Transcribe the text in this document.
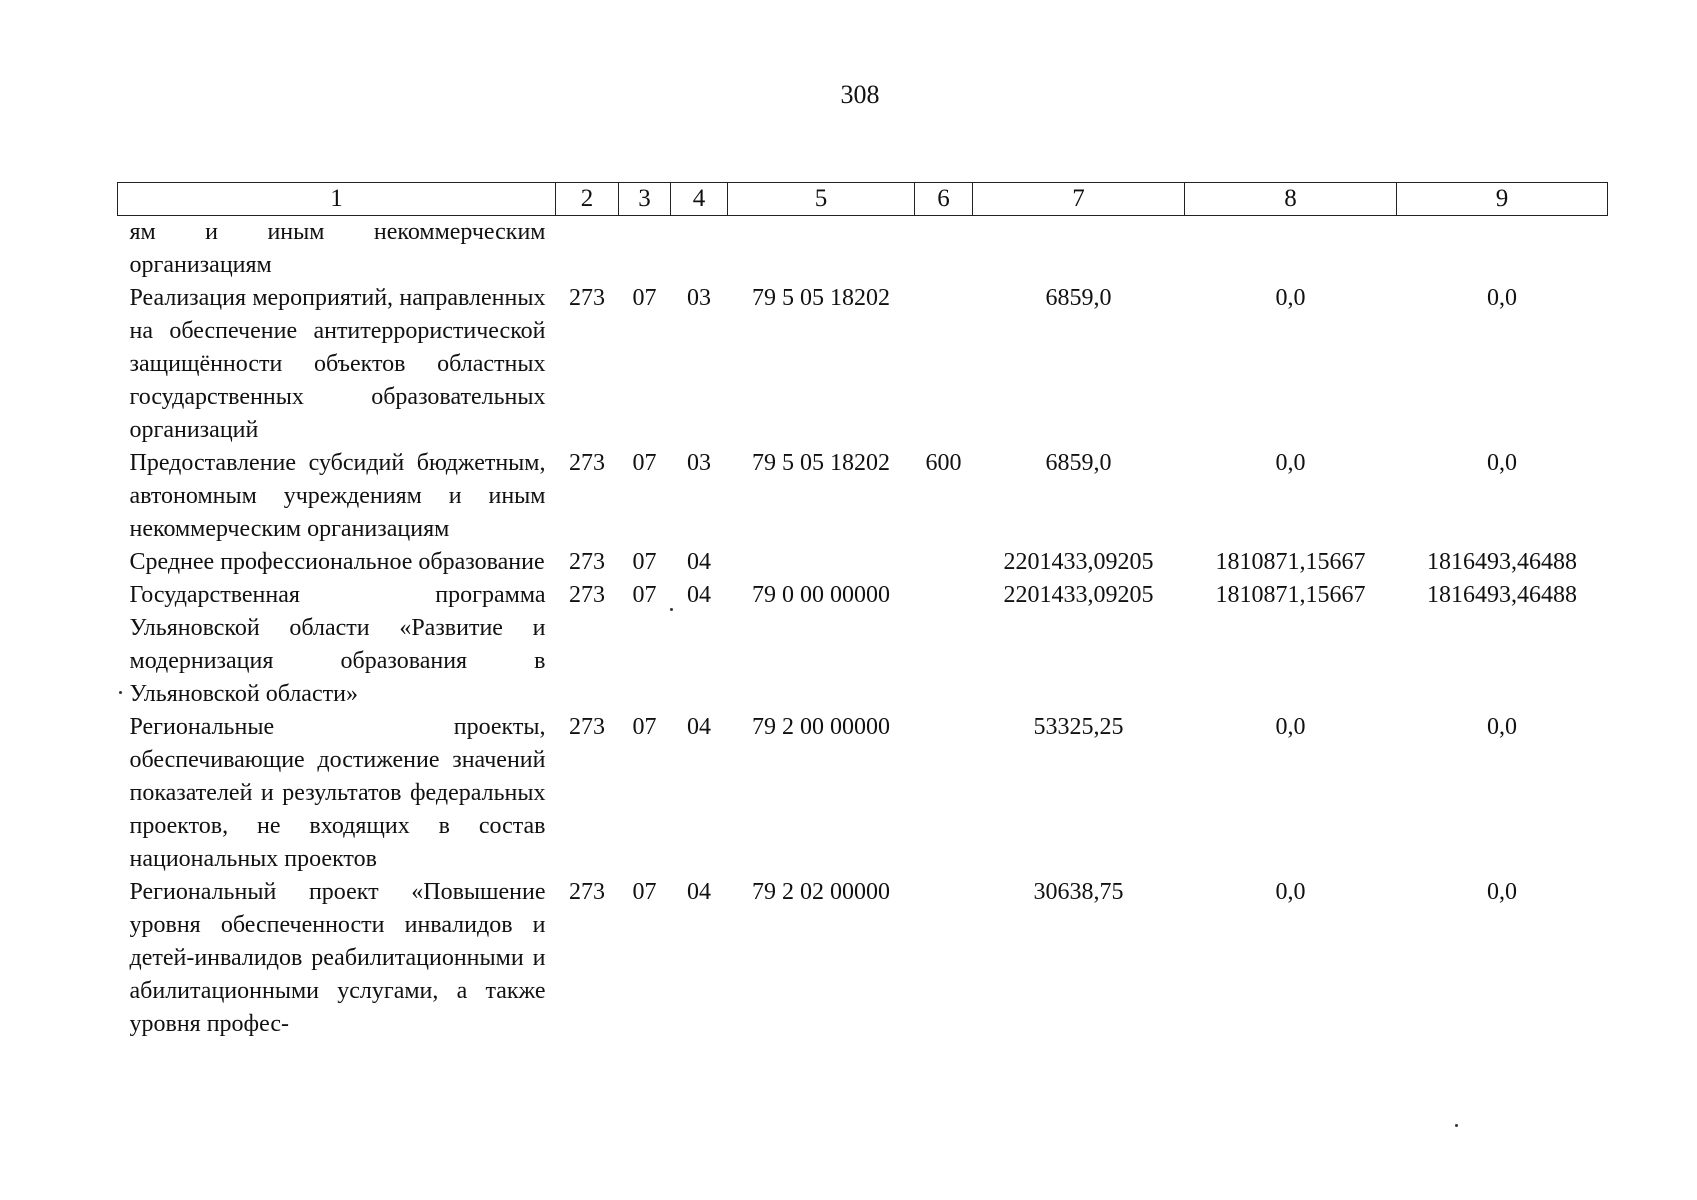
308
1	2	3	4	5	6	7	8	9
ям и иным некоммерческим организациям								
Реализация мероприятий, направленных на обеспечение антитеррористической защищённости объектов областных государственных образовательных организаций	273	07	03	79 5 05 18202		6859,0	0,0	0,0
Предоставление субсидий бюджетным, автономным учреждениям и иным некоммерческим организациям	273	07	03	79 5 05 18202	600	6859,0	0,0	0,0
Среднее профессиональное образование	273	07	04			2201433,09205	1810871,15667	1816493,46488
Государственная программа Ульяновской области «Развитие и модернизация образования в Ульяновской области»	273	07	04	79 0 00 00000		2201433,09205	1810871,15667	1816493,46488
Региональные проекты, обеспечивающие достижение значений показателей и результатов федеральных проектов, не входящих в состав национальных проектов	273	07	04	79 2 00 00000		53325,25	0,0	0,0
Региональный проект «Повышение уровня обеспеченности инвалидов и детей-инвалидов реабилитационными и абилитационными услугами, а также уровня профес-	273	07	04	79 2 02 00000		30638,75	0,0	0,0
